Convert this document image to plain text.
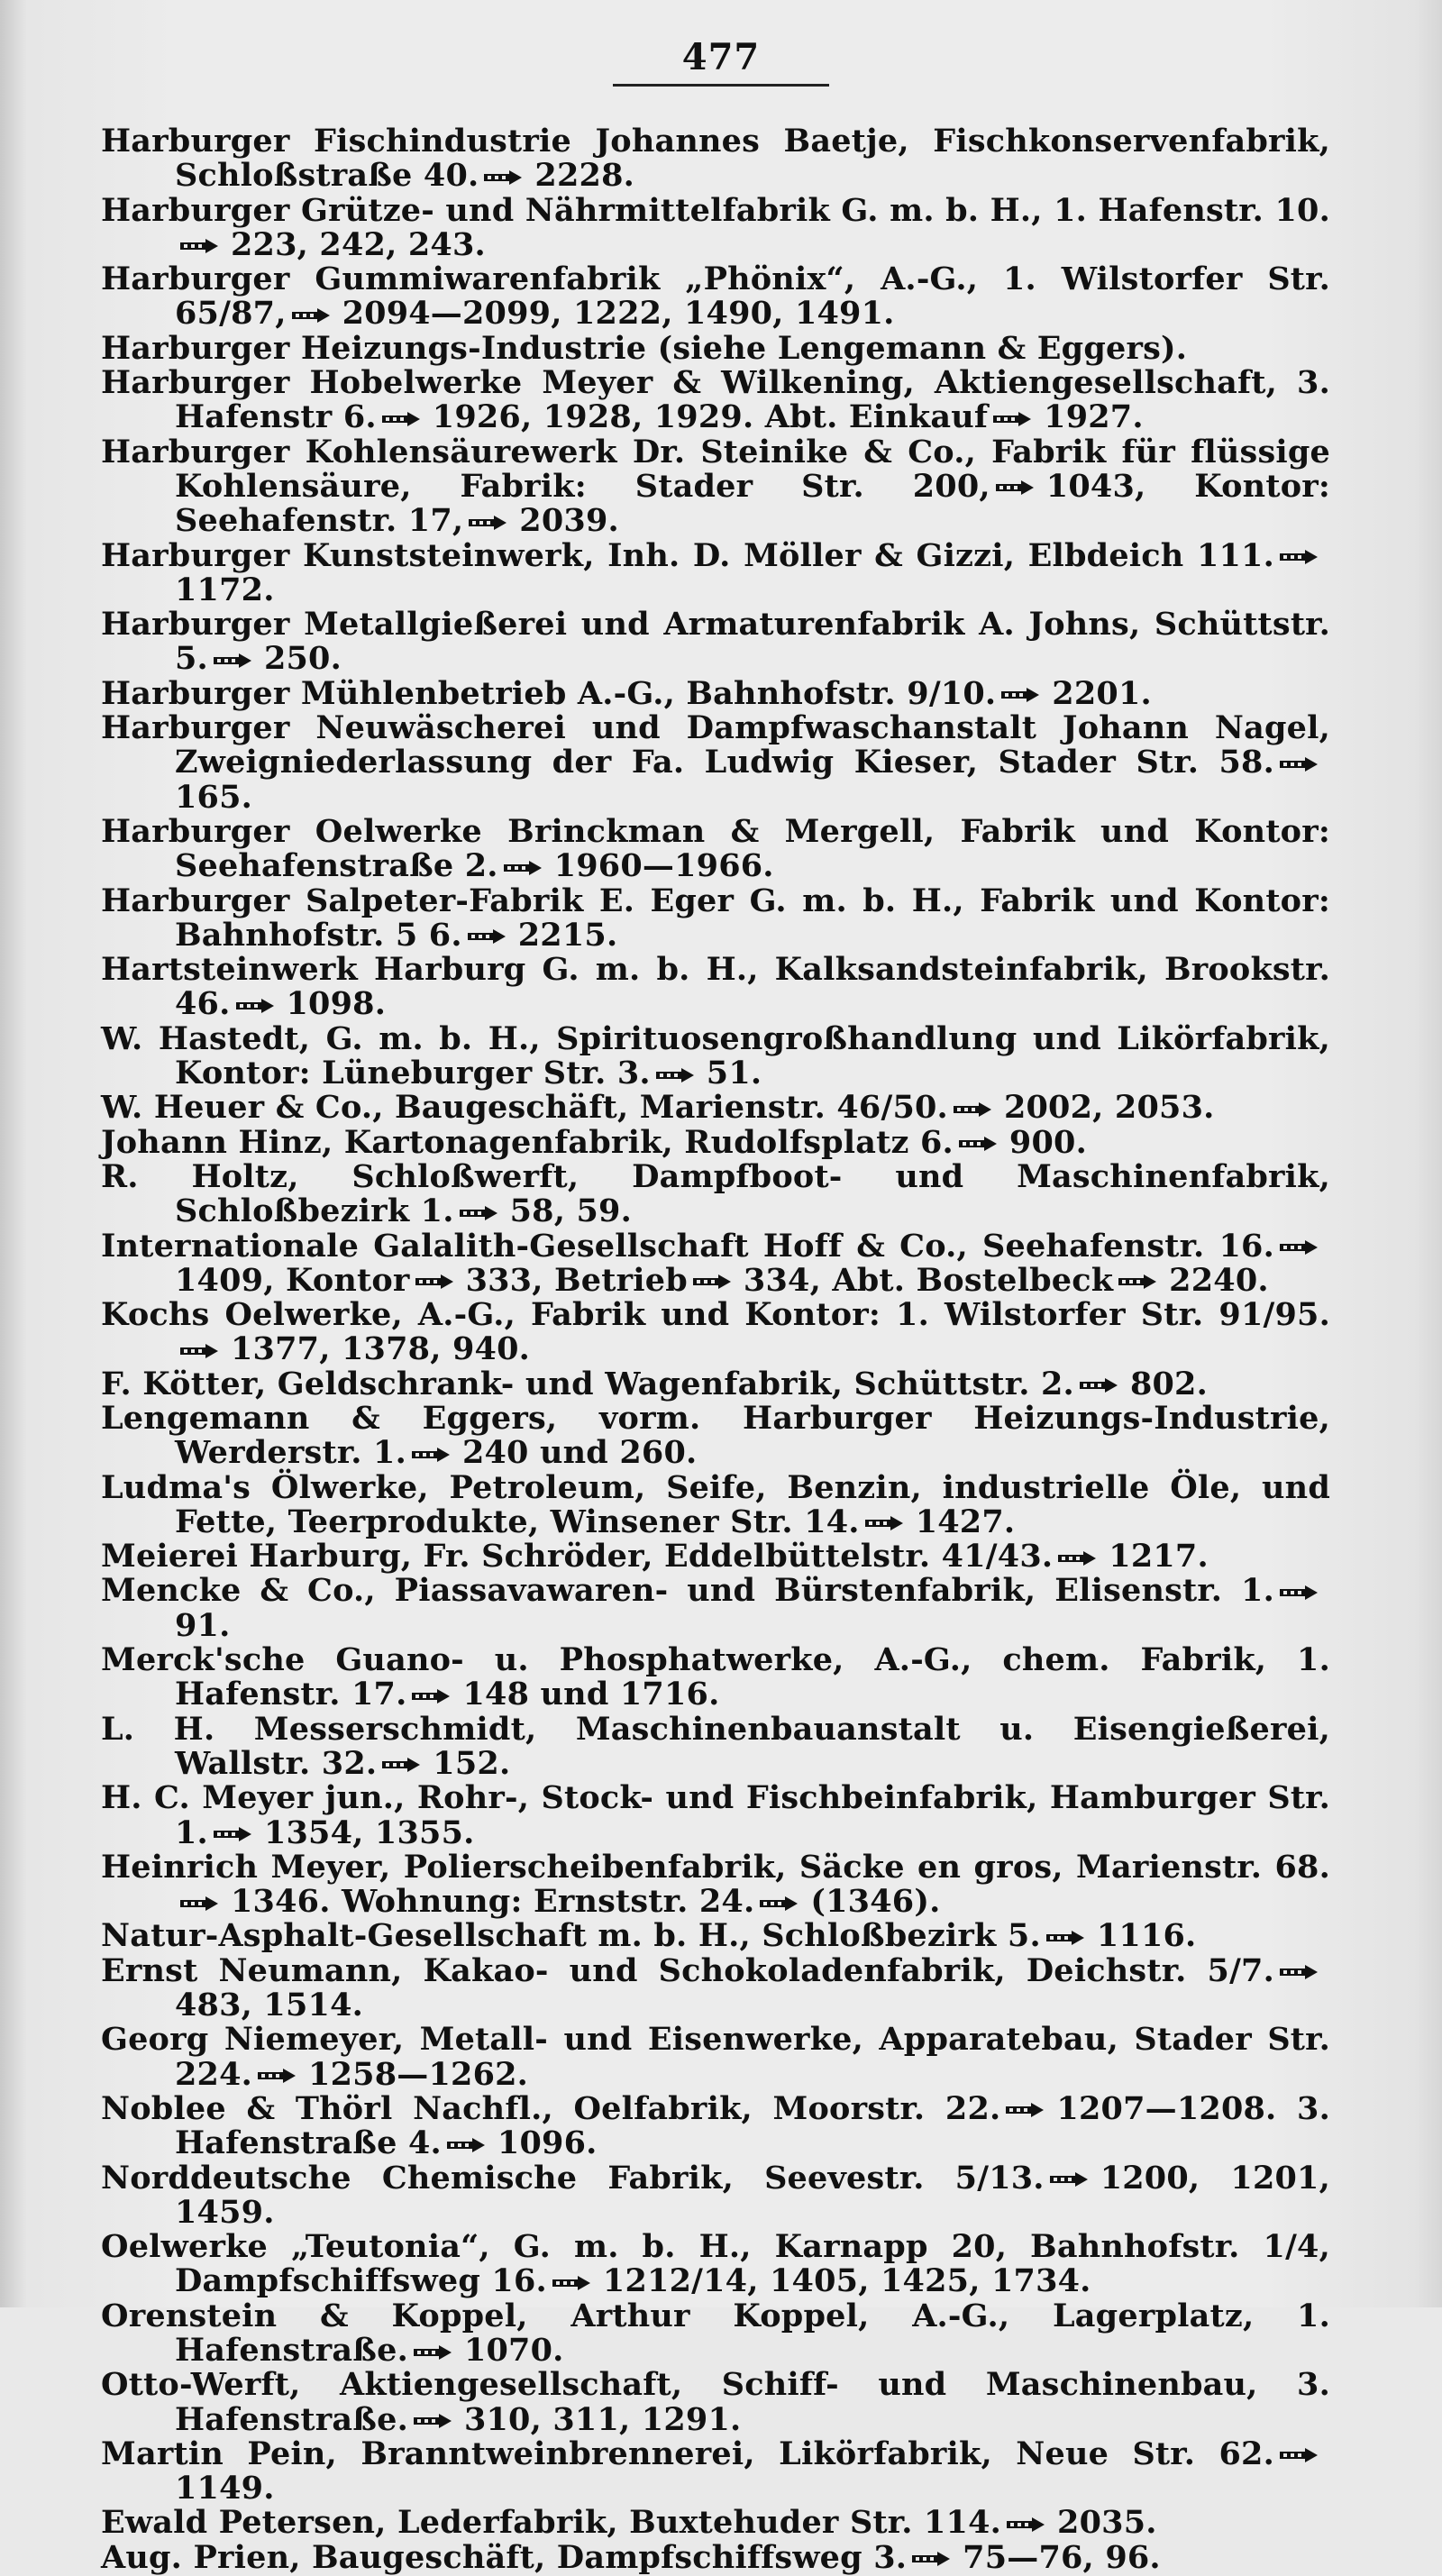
477
Harburger Fischindustrie Johannes Baetje, Fischkonservenfabrik, Schloßstraße 40. 2228.
Harburger Grütze- und Nährmittelfabrik G. m. b. H., 1. Hafenstr. 10.
223, 242, 243.
Harburger Gummiwarenfabrik „Phönix“, A.-G., 1. Wilstorfer Str. 65/87, 2094—2099, 1222, 1490, 1491.
Harburger Heizungs-Industrie (siehe Lengemann & Eggers).
Harburger Hobelwerke Meyer & Wilkening, Aktiengesellschaft, 3. Hafenstr 6. 1926, 1928, 1929. Abt. Einkauf 1927.
Harburger Kohlensäurewerk Dr. Steinike & Co., Fabrik für flüssige Kohlensäure, Fabrik: Stader Str. 200, 1043, Kontor: Seehafenstr. 17, 2039.
Harburger Kunststeinwerk, Inh. D. Möller & Gizzi, Elbdeich 111.
1172.
Harburger Metallgießerei und Armaturenfabrik A. Johns, Schüttstr. 5. 250.
Harburger Mühlenbetrieb A.-G., Bahnhofstr. 9/10. 2201.
Harburger Neuwäscherei und Dampfwaschanstalt Johann Nagel, Zweigniederlassung der Fa. Ludwig Kieser, Stader Str. 58.
165.
Harburger Oelwerke Brinckman & Mergell, Fabrik und Kontor: Seehafenstraße 2. 1960—1966.
Harburger Salpeter-Fabrik E. Eger G. m. b. H., Fabrik und Kontor: Bahnhofstr. 5 6. 2215.
Hartsteinwerk Harburg G. m. b. H., Kalksandsteinfabrik, Brookstr. 46. 1098.
W. Hastedt, G. m. b. H., Spirituosengroßhandlung und Likörfabrik, Kontor: Lüneburger Str. 3. 51.
W. Heuer & Co., Baugeschäft, Marienstr. 46/50. 2002, 2053.
Johann Hinz, Kartonagenfabrik, Rudolfsplatz 6. 900.
R. Holtz, Schloßwerft, Dampfboot- und Maschinenfabrik, Schloßbezirk 1. 58, 59.
Internationale Galalith-Gesellschaft Hoff & Co., Seehafenstr. 16.
1409, Kontor 333, Betrieb 334, Abt. Bostelbeck 2240.
Kochs Oelwerke, A.-G., Fabrik und Kontor: 1. Wilstorfer Str. 91/95.
1377, 1378, 940.
F. Kötter, Geldschrank- und Wagenfabrik, Schüttstr. 2. 802.
Lengemann & Eggers, vorm. Harburger Heizungs-Industrie, Werderstr. 1. 240 und 260.
Ludma's Ölwerke, Petroleum, Seife, Benzin, industrielle Öle, und Fette, Teerprodukte, Winsener Str. 14. 1427.
Meierei Harburg, Fr. Schröder, Eddelbüttelstr. 41/43. 1217.
Mencke & Co., Piassavawaren- und Bürstenfabrik, Elisenstr. 1.
91.
Merck'sche Guano- u. Phosphatwerke, A.-G., chem. Fabrik, 1. Hafenstr. 17. 148 und 1716.
L. H. Messerschmidt, Maschinenbauanstalt u. Eisengießerei, Wallstr. 32. 152.
H. C. Meyer jun., Rohr-, Stock- und Fischbeinfabrik, Hamburger Str. 1. 1354, 1355.
Heinrich Meyer, Polierscheibenfabrik, Säcke en gros, Marienstr. 68.
1346. Wohnung: Ernststr. 24. (1346).
Natur-Asphalt-Gesellschaft m. b. H., Schloßbezirk 5. 1116.
Ernst Neumann, Kakao- und Schokoladenfabrik, Deichstr. 5/7.
483, 1514.
Georg Niemeyer, Metall- und Eisenwerke, Apparatebau, Stader Str. 224. 1258—1262.
Noblee & Thörl Nachfl., Oelfabrik, Moorstr. 22. 1207—1208. 3. Hafenstraße 4. 1096.
Norddeutsche Chemische Fabrik, Seevestr. 5/13. 1200, 1201, 1459.
Oelwerke „Teutonia“, G. m. b. H., Karnapp 20, Bahnhofstr. 1/4, Dampfschiffsweg 16. 1212/14, 1405, 1425, 1734.
Orenstein & Koppel, Arthur Koppel, A.-G., Lagerplatz, 1. Hafenstraße. 1070.
Otto-Werft, Aktiengesellschaft, Schiff- und Maschinenbau, 3. Hafenstraße. 310, 311, 1291.
Martin Pein, Branntweinbrennerei, Likörfabrik, Neue Str. 62.
1149.
Ewald Petersen, Lederfabrik, Buxtehuder Str. 114. 2035.
Aug. Prien, Baugeschäft, Dampfschiffsweg 3. 75—76, 96.
